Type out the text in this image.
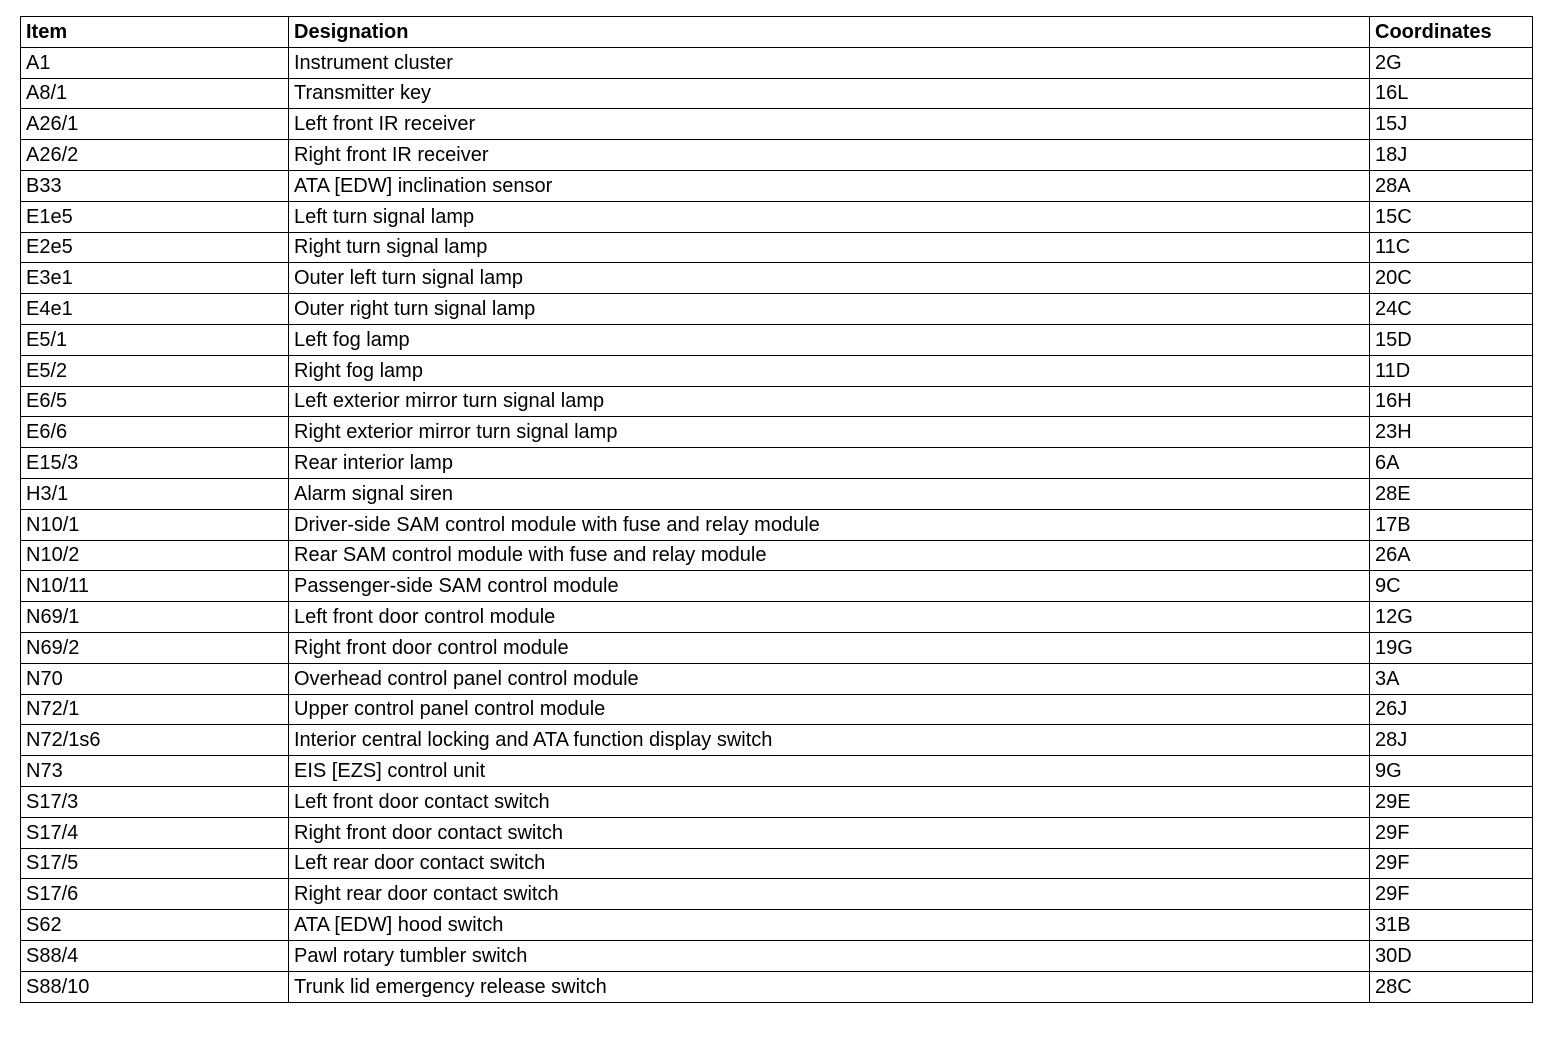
Item	Designation	Coordinates
A1	Instrument cluster	2G
A8/1	Transmitter key	16L
A26/1	Left front IR receiver	15J
A26/2	Right front IR receiver	18J
B33	ATA [EDW] inclination sensor	28A
E1e5	Left turn signal lamp	15C
E2e5	Right turn signal lamp	11C
E3e1	Outer left turn signal lamp	20C
E4e1	Outer right turn signal lamp	24C
E5/1	Left fog lamp	15D
E5/2	Right fog lamp	11D
E6/5	Left exterior mirror turn signal lamp	16H
E6/6	Right exterior mirror turn signal lamp	23H
E15/3	Rear interior lamp	6A
H3/1	Alarm signal siren	28E
N10/1	Driver-side SAM control module with fuse and relay module	17B
N10/2	Rear SAM control module with fuse and relay module	26A
N10/11	Passenger-side SAM control module	9C
N69/1	Left front door control module	12G
N69/2	Right front door control module	19G
N70	Overhead control panel control module	3A
N72/1	Upper control panel control module	26J
N72/1s6	Interior central locking and ATA function display switch	28J
N73	EIS [EZS] control unit	9G
S17/3	Left front door contact switch	29E
S17/4	Right front door contact switch	29F
S17/5	Left rear door contact switch	29F
S17/6	Right rear door contact switch	29F
S62	ATA [EDW] hood switch	31B
S88/4	Pawl rotary tumbler switch	30D
S88/10	Trunk lid emergency release switch	28C
